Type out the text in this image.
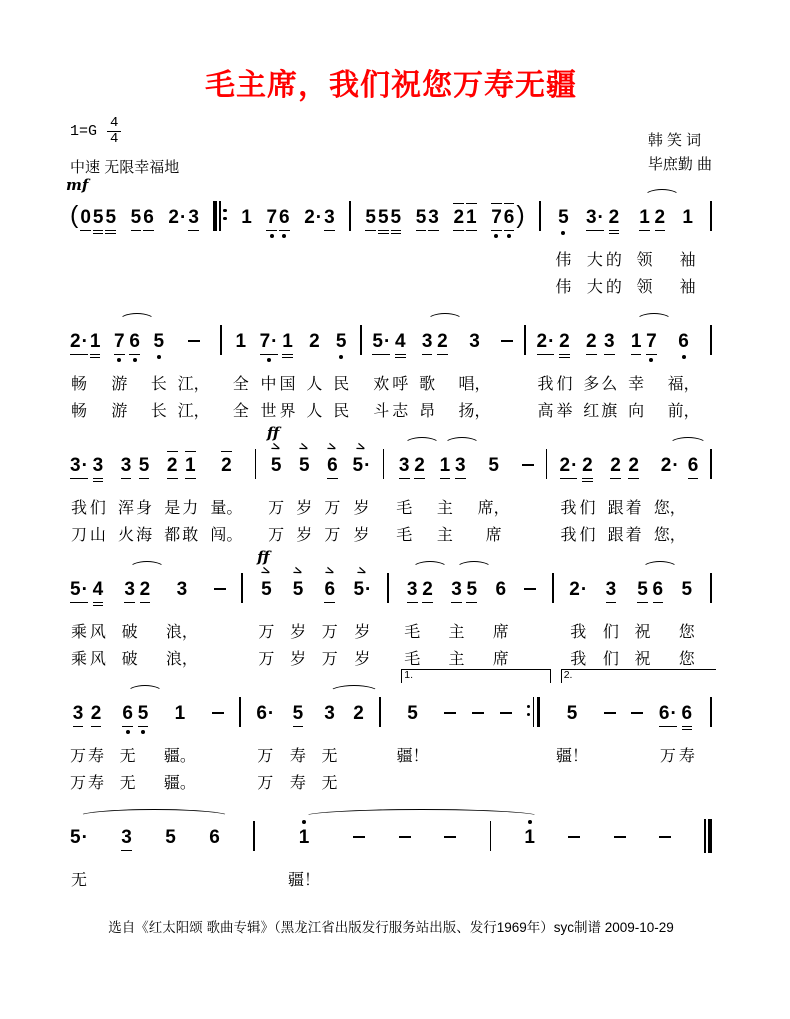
毛主席，我们祝您万寿无疆
$1=G \frac{4}{4}$
中速 无限幸福地
韩 笑 词
毕庶勤 曲
mf
( 0 5 5 5 6 2 · 3 1 7 6 2 · 3 5 5 5 5 3 2 1 7 6 ) 5
伟
伟
3 ·
大
大
2
的
的
1
领
领
2 1
袖
袖
2 ·
畅
畅
1 7
游
游
6 5
长
长
江，
江，
1
全
全
7 ·
中
世
1
国
界
2
人
人
5
民
民
5 ·
欢
斗
4
呼
志
3
歌
昂
2 3
唱，
扬，
2 ·
我
高
2
们
举
2
多
红
3
么
旗
1
幸
向
7 6
福，
前，
3 ·
我
刀
3
们
山
3
浑
火
5
身
海
2
是
都
1
力
敢
2
量。
闯。
ff
>
5
万
万
>
5
岁
岁
>
6
万
万
>
5 ·
岁
岁
3
毛
毛
2 1
主
主
3 5
席，
席
2 ·
我
我
2
们
们
2
跟
跟
2
着
着
2 ·
您，
您，
6
5 ·
乘
乘
4
风
风
3
破
破
2 3
浪，
浪，
ff
>
5
万
万
>
5
岁
岁
>
6
万
万
>
5 ·
岁
岁
3
毛
毛
2 3
主
主
5 6
席
席
2 ·
我
我
3
们
们
5
祝
祝
6 5
您
您
3
万
万
2
寿
寿
6
无
无
5 1
疆。
疆。
6 ·
万
万
5
寿
寿
3
无
无
2
1.
5
疆！
2.
5
疆！
6 ·
万
6
寿
5 ·
无
3 5 6	1
疆！
1
选自《红太阳颂 歌曲专辑》（黑龙江省出版发行服务站出版、发行1969年）syc制谱 2009-10-29
